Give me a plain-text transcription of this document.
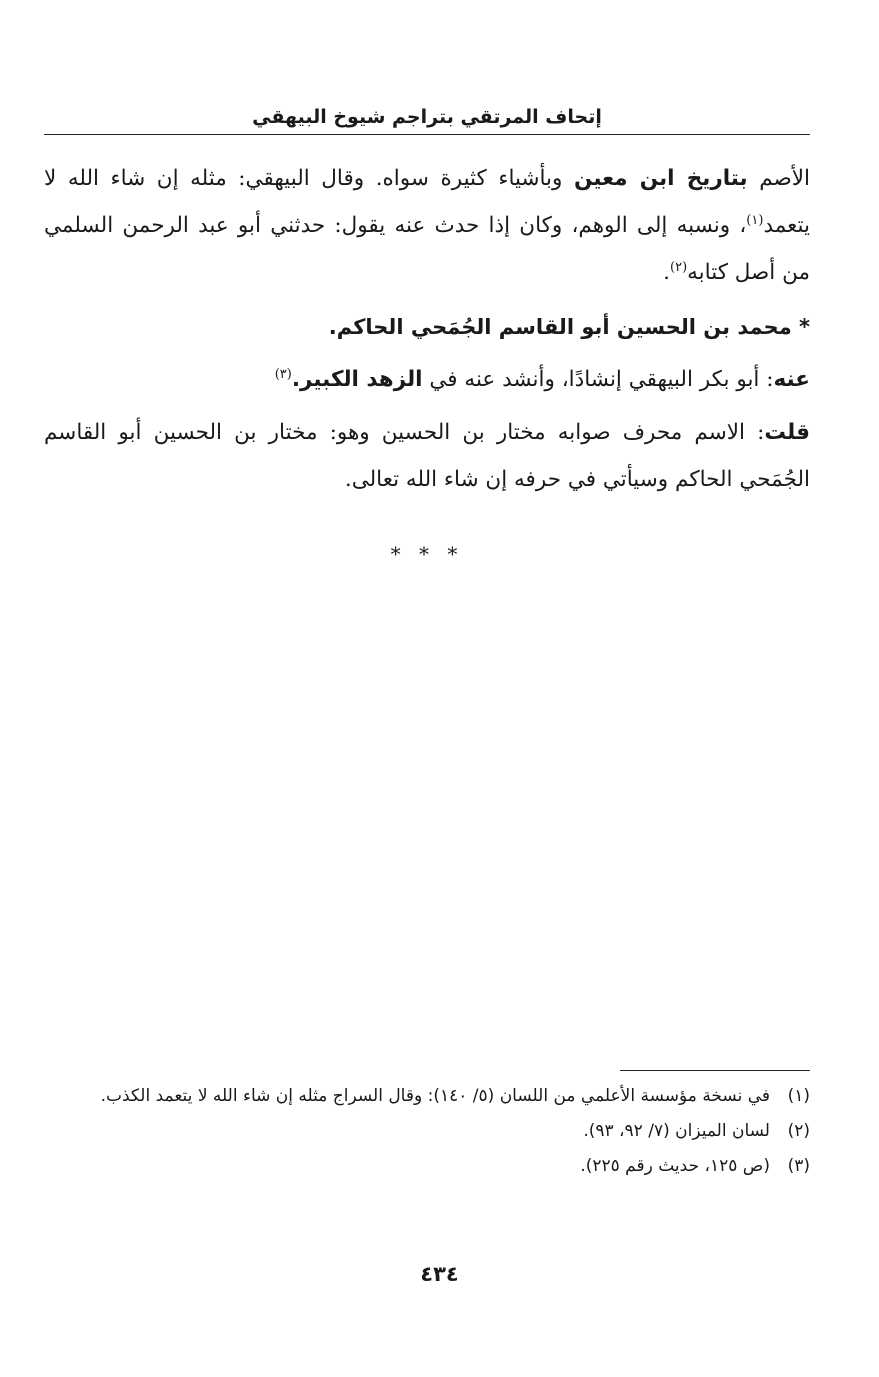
إتحاف المرتقي بتراجم شيوخ البيهقي

الأصم بتاريخ ابن معين وبأشياء كثيرة سواه. وقال البيهقي: مثله إن شاء الله لا يتعمد$^{(١)}$، ونسبه إلى الوهم، وكان إذا حدث عنه يقول: حدثني أبو عبد الرحمن السلمي من أصل كتابه$^{(٢)}$.

* محمد بن الحسين أبو القاسم الجُمَحي الحاكم.

عنه: أبو بكر البيهقي إنشادًا، وأنشد عنه في الزهد الكبير.$^{(٣)}$

قلت: الاسم محرف صوابه مختار بن الحسين وهو: مختار بن الحسين أبو القاسم الجُمَحي الحاكم وسيأتي في حرفه إن شاء الله تعالى.

* * *

(١)
في نسخة مؤسسة الأعلمي من اللسان (٥/ ١٤٠): وقال السراج مثله إن شاء الله لا يتعمد الكذب.

(٢)
لسان الميزان (٧/ ٩٢، ٩٣).

(٣)
(ص ١٢٥، حديث رقم ٢٢٥).

٤٣٤
